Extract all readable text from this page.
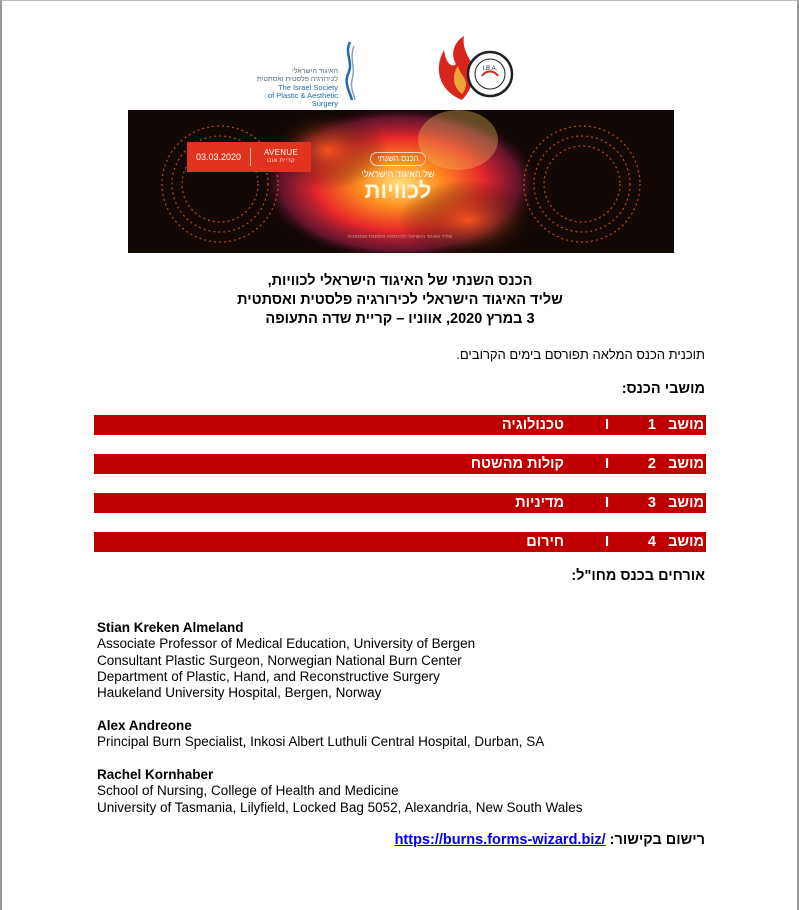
האיגוד הישראלי
לכירורגיה פלסטית ואסתטית
The Israel Society
of Plastic & Aesthetic Surgery
I.B.A.
03.03.2020	AVENUE
קריית אונו	הכנס השנתי
של האיגוד הישראלי
לכוויות
שליד האיגוד הישראלי לכירורגיה פלסטית ואסתטית
הכנס השנתי של האיגוד הישראלי לכוויות,
שליד האיגוד הישראלי לכירורגיה פלסטית ואסתטית
3 במרץ 2020, אווניו – קריית שדה התעופה
תוכנית הכנס המלאה תפורסם בימים הקרובים.
מושבי הכנס:
מושב
1
I
טכנולוגיה
מושב
2
I
קולות מהשטח
מושב
3
I
מדיניות
מושב
4
I
חירום
אורחים בכנס מחו"ל:
Stian Kreken Almeland
Associate Professor of Medical Education, University of Bergen
Consultant Plastic Surgeon, Norwegian National Burn Center
Department of Plastic, Hand, and Reconstructive Surgery
Haukeland University Hospital, Bergen, Norway
Alex Andreone
Principal Burn Specialist, Inkosi Albert Luthuli Central Hospital, Durban, SA
Rachel Kornhaber
School of Nursing, College of Health and Medicine
University of Tasmania, Lilyfield, Locked Bag 5052, Alexandria, New South Wales
רישום בקישור: https://burns.forms-wizard.biz/
